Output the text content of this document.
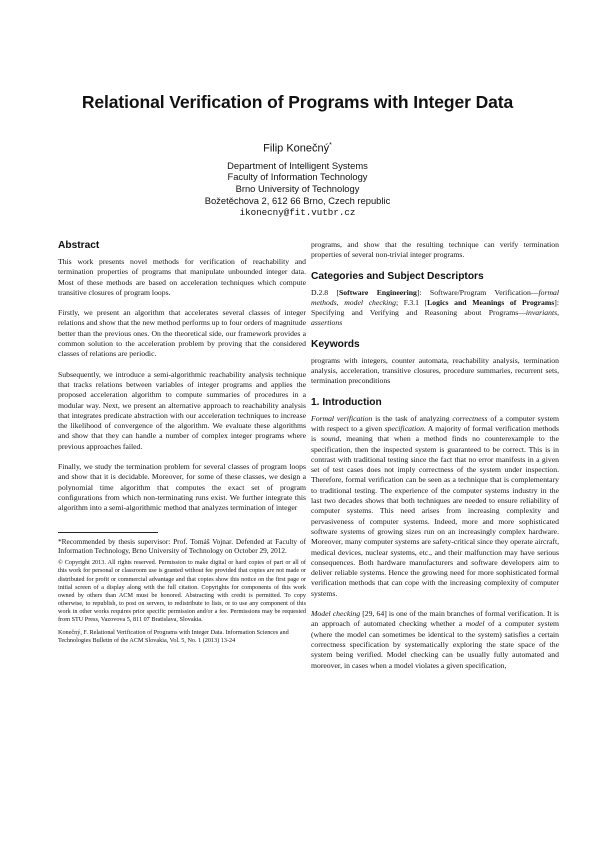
Relational Verification of Programs with Integer Data
Filip Konečný*
Department of Intelligent Systems
Faculty of Information Technology
Brno University of Technology
Božetěchova 2, 612 66 Brno, Czech republic
ikonecny@fit.vutbr.cz
Abstract

This work presents novel methods for verification of reachability and termination properties of programs that manipulate unbounded integer data. Most of these methods are based on acceleration techniques which compute transitive closures of program loops.

Firstly, we present an algorithm that accelerates several classes of integer relations and show that the new method performs up to four orders of magnitude better than the previous ones. On the theoretical side, our framework provides a common solution to the acceleration problem by proving that the considered classes of relations are periodic.

Subsequently, we introduce a semi-algorithmic reachability analysis technique that tracks relations between variables of integer programs and applies the proposed acceleration algorithm to compute summaries of procedures in a modular way. Next, we present an alternative approach to reachability analysis that integrates predicate abstraction with our acceleration techniques to increase the likelihood of convergence of the algorithm. We evaluate these algorithms and show that they can handle a number of complex integer programs where previous approaches failed.

Finally, we study the termination problem for several classes of program loops and show that it is decidable. Moreover, for some of these classes, we design a polynomial time algorithm that computes the exact set of program configurations from which non-terminating runs exist. We further integrate this algorithm into a semi-algorithmic method that analyzes termination of integer

*Recommended by thesis supervisor: Prof. Tomáš Vojnar. Defended at Faculty of Information Technology, Brno University of Technology on October 29, 2012.

© Copyright 2013. All rights reserved. Permission to make digital or hard copies of part or all of this work for personal or classroom use is granted without fee provided that copies are not made or distributed for profit or commercial advantage and that copies show this notice on the first page or initial screen of a display along with the full citation. Copyrights for components of this work owned by others than ACM must be honored. Abstracting with credit is permitted. To copy otherwise, to republish, to post on servers, to redistribute to lists, or to use any component of this work in other works requires prior specific permission and/or a fee. Permissions may be requested from STU Press, Vazovova 5, 811 07 Bratislava, Slovakia.

Konečný, F. Relational Verification of Programs with Integer Data. Information Sciences and Technologies Bulletin of the ACM Slovakia, Vol. 5, No. 1 (2013) 13-24

programs, and show that the resulting technique can verify termination properties of several non-trivial integer programs.

Categories and Subject Descriptors

D.2.8 [Software Engineering]: Software/Program Verification—formal methods, model checking; F.3.1 [Logics and Meanings of Programs]: Specifying and Verifying and Reasoning about Programs—invariants, assertions

Keywords

programs with integers, counter automata, reachability analysis, termination analysis, acceleration, transitive closures, procedure summaries, recurrent sets, termination preconditions

1. Introduction

Formal verification is the task of analyzing correctness of a computer system with respect to a given specification. A majority of formal verification methods is sound, meaning that when a method finds no counterexample to the specification, then the inspected system is guaranteed to be correct. This is in contrast with traditional testing since the fact that no error manifests in a given set of test cases does not imply correctness of the system under inspection. Therefore, formal verification can be seen as a technique that is complementary to traditional testing. The experience of the computer systems industry in the last two decades shows that both techniques are needed to ensure reliability of computer systems. This need arises from increasing complexity and pervasiveness of computer systems. Indeed, more and more sophisticated software systems of growing sizes run on an increasingly complex hardware. Moreover, many computer systems are safety-critical since they operate aircraft, medical devices, nuclear systems, etc., and their malfunction may have serious consequences. Both hardware manufacturers and software developers aim to deliver reliable systems. Hence the growing need for more sophisticated formal verification methods that can cope with the increasing complexity of computer systems.

Model checking [29, 64] is one of the main branches of formal verification. It is an approach of automated checking whether a model of a computer system (where the model can sometimes be identical to the system) satisfies a certain correctness specification by systematically exploring the state space of the system being verified. Model checking can be usually fully automated and moreover, in cases when a model violates a given specification,
